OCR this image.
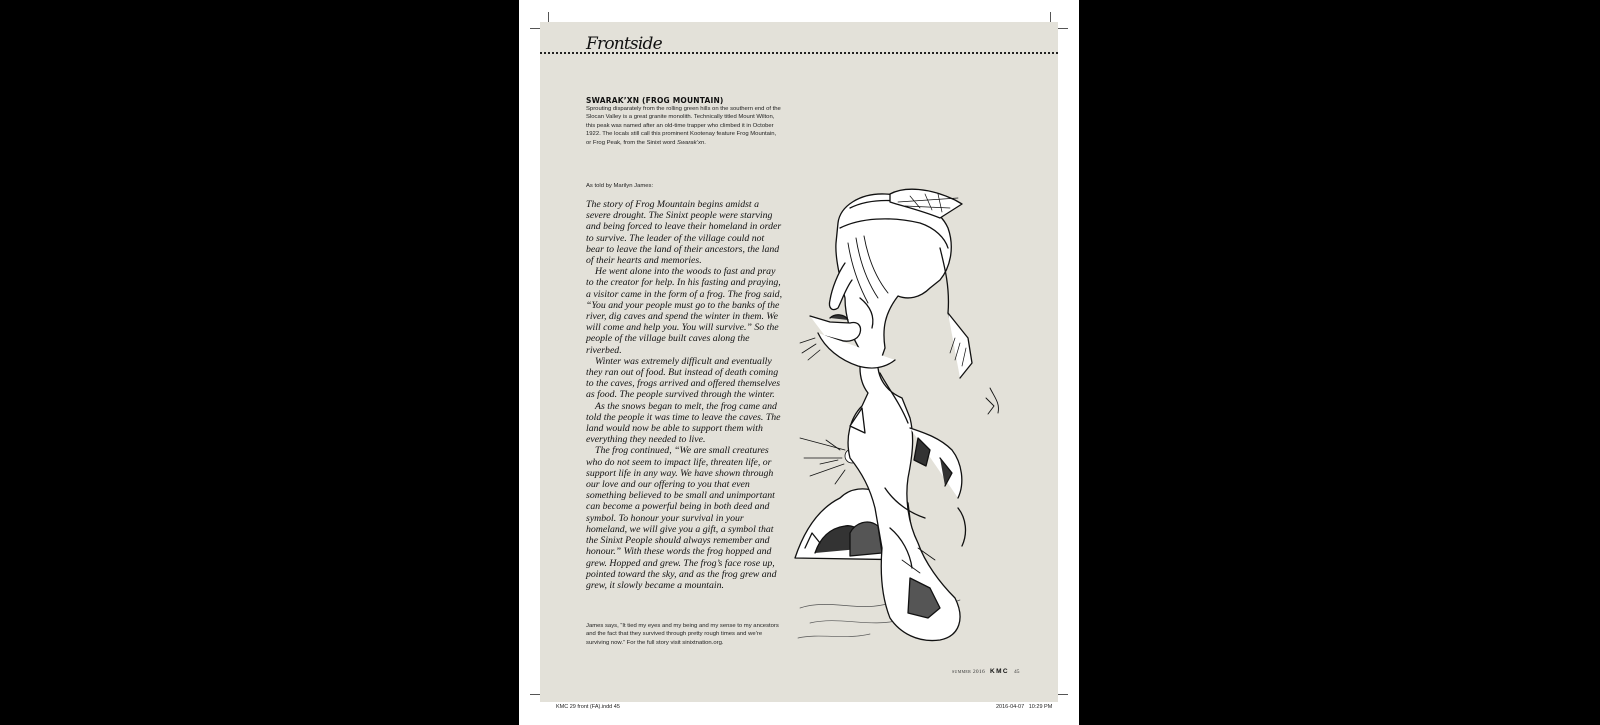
Frontside
SWARAKʼXN (FROG MOUNTAIN)
Sprouting disparately from the rolling green hills on the southern end of the Slocan Valley is a great granite monolith. Technically titled Mount Wilton, this peak was named after an old-time trapper who climbed it in October 1922. The locals still call this prominent Kootenay feature Frog Mountain, or Frog Peak, from the Sinixt word Swarakʼxn.
As told by Marilyn James:

The story of Frog Mountain begins amidst a severe drought. The Sinixt people were starving and being forced to leave their homeland in order to survive. The leader of the village could not bear to leave the land of their ancestors, the land of their hearts and memories.

He went alone into the woods to fast and pray to the creator for help. In his fasting and praying, a visitor came in the form of a frog. The frog said, “You and your people must go to the banks of the river, dig caves and spend the winter in them. We will come and help you. You will survive.” So the people of the village built caves along the riverbed.

Winter was extremely difficult and eventually they ran out of food. But instead of death coming to the caves, frogs arrived and offered themselves as food. The people survived through the winter.

As the snows began to melt, the frog came and told the people it was time to leave the caves. The land would now be able to support them with everything they needed to live.

The frog continued, “We are small creatures who do not seem to impact life, threaten life, or support life in any way. We have shown through our love and our offering to you that even something believed to be small and unimportant can become a powerful being in both deed and symbol. To honour your survival in your homeland, we will give you a gift, a symbol that the Sinixt People should always remember and honour.” With these words the frog hopped and grew. Hopped and grew. The frog’s face rose up, pointed toward the sky, and as the frog grew and grew, it slowly became a mountain.

James says, “It tied my eyes and my being and my sense to my ancestors and the fact that they survived through pretty rough times and we’re surviving now.” For the full story visit sinixtnation.org.
summer 2016 KMC 45
KMC 29 front (FA).indd 45	2016-04-07 10:29 PM
